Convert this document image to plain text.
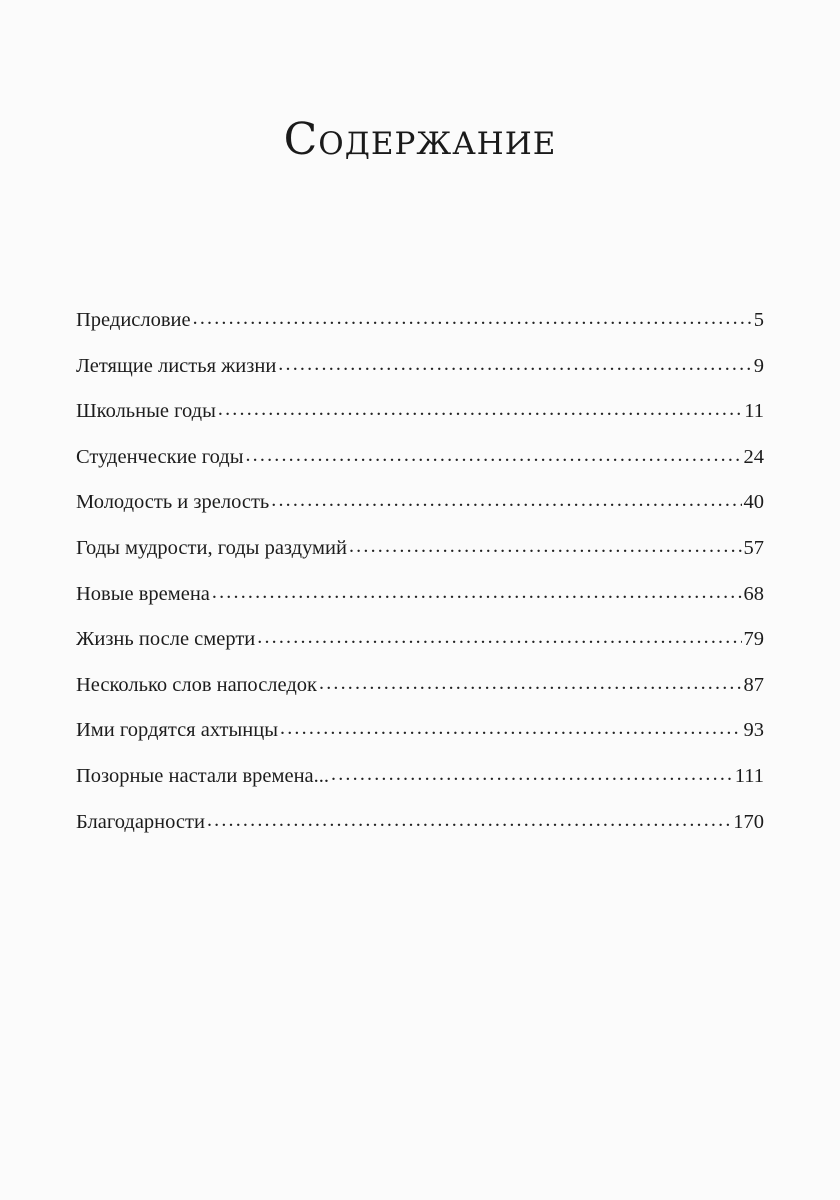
Содержание
Предисловие .....	5
Летящие листья жизни .....	9
Школьные годы .....	11
Студенческие годы .....	24
Молодость и зрелость .....	40
Годы мудрости, годы раздумий .....	57
Новые времена .....	68
Жизнь после смерти .....	79
Несколько слов напоследок .....	87
Ими гордятся ахтынцы .....	93
Позорные настали времена... .....	111
Благодарности .....	170
